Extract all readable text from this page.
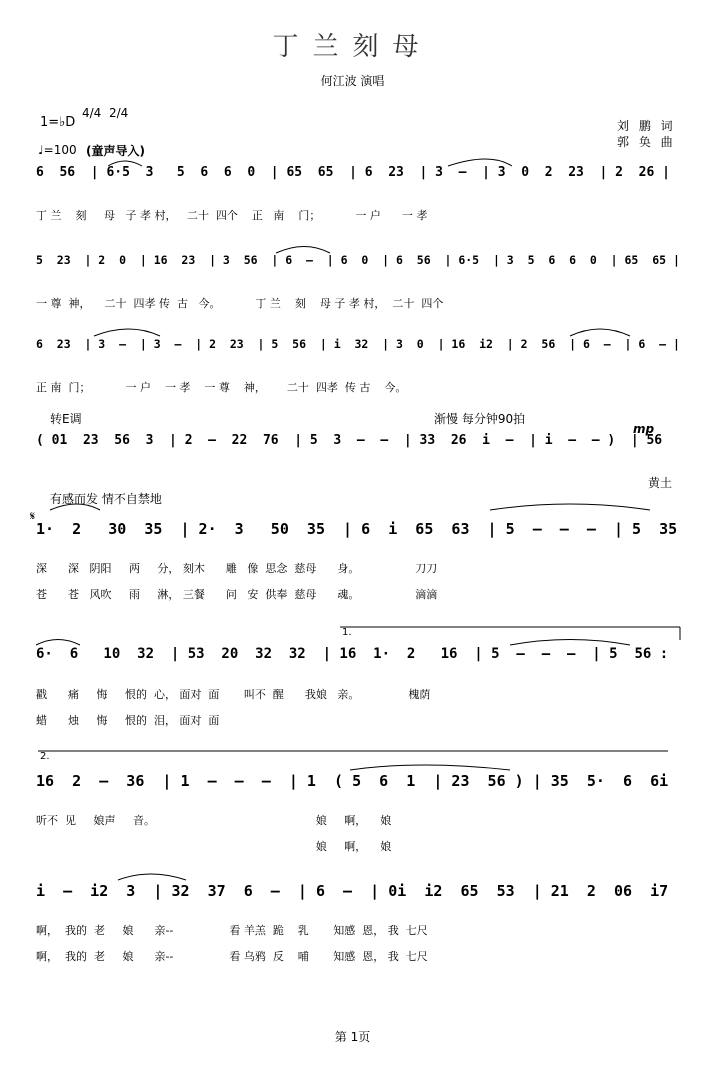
丁兰刻母
何江波 演唱
刘 鹏 词
郭 奂 曲
1=♭D
4/4  2/4
♩=100 (童声导入)
转E调	渐慢 每分钟90拍
mp
黄土
有感而发 情不自禁地
1.
2.
𝄋
6  56  | 6·5  3   5  6  6  0  | 65  65  | 6  23  | 3  –  | 3  0  2  23  | 2  26 |
丁 兰    刻     母   子 孝 村，   二十  四个    正   南    门；          一 户      一 孝
5  23  | 2  0  | 16  23  | 3  56  | 6  –  | 6  0  | 6  56  | 6·5  | 3  5  6  6  0  | 65  65 |
一 尊  神，    二十  四孝 传  古   今。          丁 兰    刻    母 子 孝 村，  二十  四个
6  23  | 3  –  | 3  –  | 2  23  | 5  56  | i  32  | 3  0  | 16  i2  | 2  56  | 6  –  | 6  – |
正 南  门；          一 户    一 孝    一 尊    神，      二十  四孝  传 古    今。
( 01  23  56  3  | 2  –  22  76  | 5  3  –  –  | 33  26  i  –  | i  –  – )  | 56
1·  2   30  35  | 2·  3   50  35  | 6  i  65  63  | 5  –  –  –  | 5  35
深      深   阴阳     两     分， 刻木      雕   像  思念  慈母      身。                刀刀
苍      苍   风吹     雨     淋， 三餐      问   安  供奉  慈母      魂。                滴滴
6·  6   10  32  | 53  20  32  32  | 16  1·  2   16  | 5  –  –  –  | 5  56 :
戳      痛     悔     恨的  心， 面对  面       叫不  醒      我娘   亲。              槐荫
蜡      烛     悔     恨的  泪， 面对  面
16  2  –  36  | 1  –  –  –  | 1  ( 5  6  1  | 23  56 ) | 35  5·  6  6i
听不  见     娘声     音。                                              娘     啊，    娘
娘     啊，    娘
i  –  i2  3  | 32  37  6  –  | 6  –  | 0i  i2  65  53  | 21  2  06  i7
啊，  我的  老     娘      亲--                看 羊羔  跪    乳       知感  恩， 我  七尺
啊，  我的  老     娘      亲--                看 乌鸦  反    哺       知感  恩， 我  七尺
第 1页
